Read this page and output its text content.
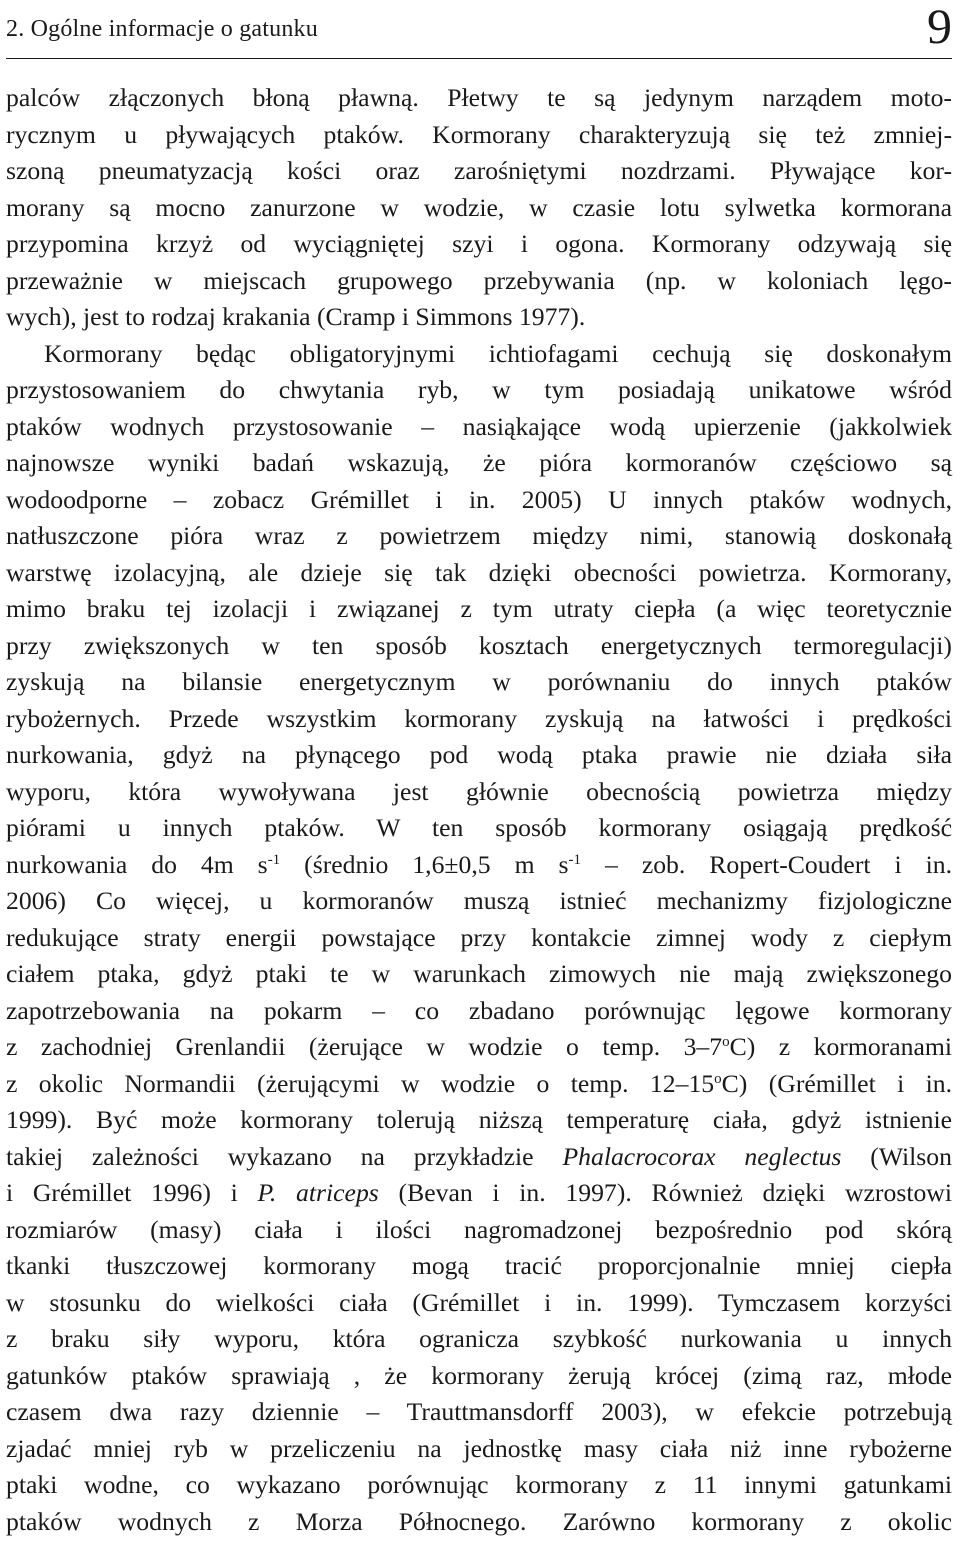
2. Ogólne informacje o gatunku	9
palców złączonych błoną pławną. Płetwy te są jedynym narządem moto-
rycznym u pływających ptaków. Kormorany charakteryzują się też zmniej-
szoną pneumatyzacją kości oraz zarośniętymi nozdrzami. Pływające kor-
morany są mocno zanurzone w wodzie, w czasie lotu sylwetka kormorana
przypomina krzyż od wyciągniętej szyi i ogona. Kormorany odzywają się
przeważnie w miejscach grupowego przebywania (np. w koloniach lęgo-
wych), jest to rodzaj krakania (Cramp i Simmons 1977).
Kormorany będąc obligatoryjnymi ichtiofagami cechują się doskonałym
przystosowaniem do chwytania ryb, w tym posiadają unikatowe wśród
ptaków wodnych przystosowanie – nasiąkające wodą upierzenie (jakkolwiek
najnowsze wyniki badań wskazują, że pióra kormoranów częściowo są
wodoodporne – zobacz Grémillet i in. 2005) U innych ptaków wodnych,
natłuszczone pióra wraz z powietrzem między nimi, stanowią doskonałą
warstwę izolacyjną, ale dzieje się tak dzięki obecności powietrza. Kormorany,
mimo braku tej izolacji i związanej z tym utraty ciepła (a więc teoretycznie
przy zwiększonych w ten sposób kosztach energetycznych termoregulacji)
zyskują na bilansie energetycznym w porównaniu do innych ptaków
rybożernych. Przede wszystkim kormorany zyskują na łatwości i prędkości
nurkowania, gdyż na płynącego pod wodą ptaka prawie nie działa siła
wyporu, która wywoływana jest głównie obecnością powietrza między
piórami u innych ptaków. W ten sposób kormorany osiągają prędkość
nurkowania do 4m $s^{-1}$ (średnio 1,6±0,5 m $s^{-1}$ – zob. Ropert-Coudert i in.
2006) Co więcej, u kormoranów muszą istnieć mechanizmy fizjologiczne
redukujące straty energii powstające przy kontakcie zimnej wody z ciepłym
ciałem ptaka, gdyż ptaki te w warunkach zimowych nie mają zwiększonego
zapotrzebowania na pokarm – co zbadano porównując lęgowe kormorany
z zachodniej Grenlandii (żerujące w wodzie o temp. 3–7$^o$C) z kormoranami
z okolic Normandii (żerującymi w wodzie o temp. 12–15$^o$C) (Grémillet i in.
1999). Być może kormorany tolerują niższą temperaturę ciała, gdyż istnienie
takiej zależności wykazano na przykładzie Phalacrocorax neglectus (Wilson
i Grémillet 1996) i P. atriceps (Bevan i in. 1997). Również dzięki wzrostowi
rozmiarów (masy) ciała i ilości nagromadzonej bezpośrednio pod skórą
tkanki tłuszczowej kormorany mogą tracić proporcjonalnie mniej ciepła
w stosunku do wielkości ciała (Grémillet i in. 1999). Tymczasem korzyści
z braku siły wyporu, która ogranicza szybkość nurkowania u innych
gatunków ptaków sprawiają , że kormorany żerują krócej (zimą raz, młode
czasem dwa razy dziennie – Trauttmansdorff 2003), w efekcie potrzebują
zjadać mniej ryb w przeliczeniu na jednostkę masy ciała niż inne rybożerne
ptaki wodne, co wykazano porównując kormorany z 11 innymi gatunkami
ptaków wodnych z Morza Północnego. Zarówno kormorany z okolic
